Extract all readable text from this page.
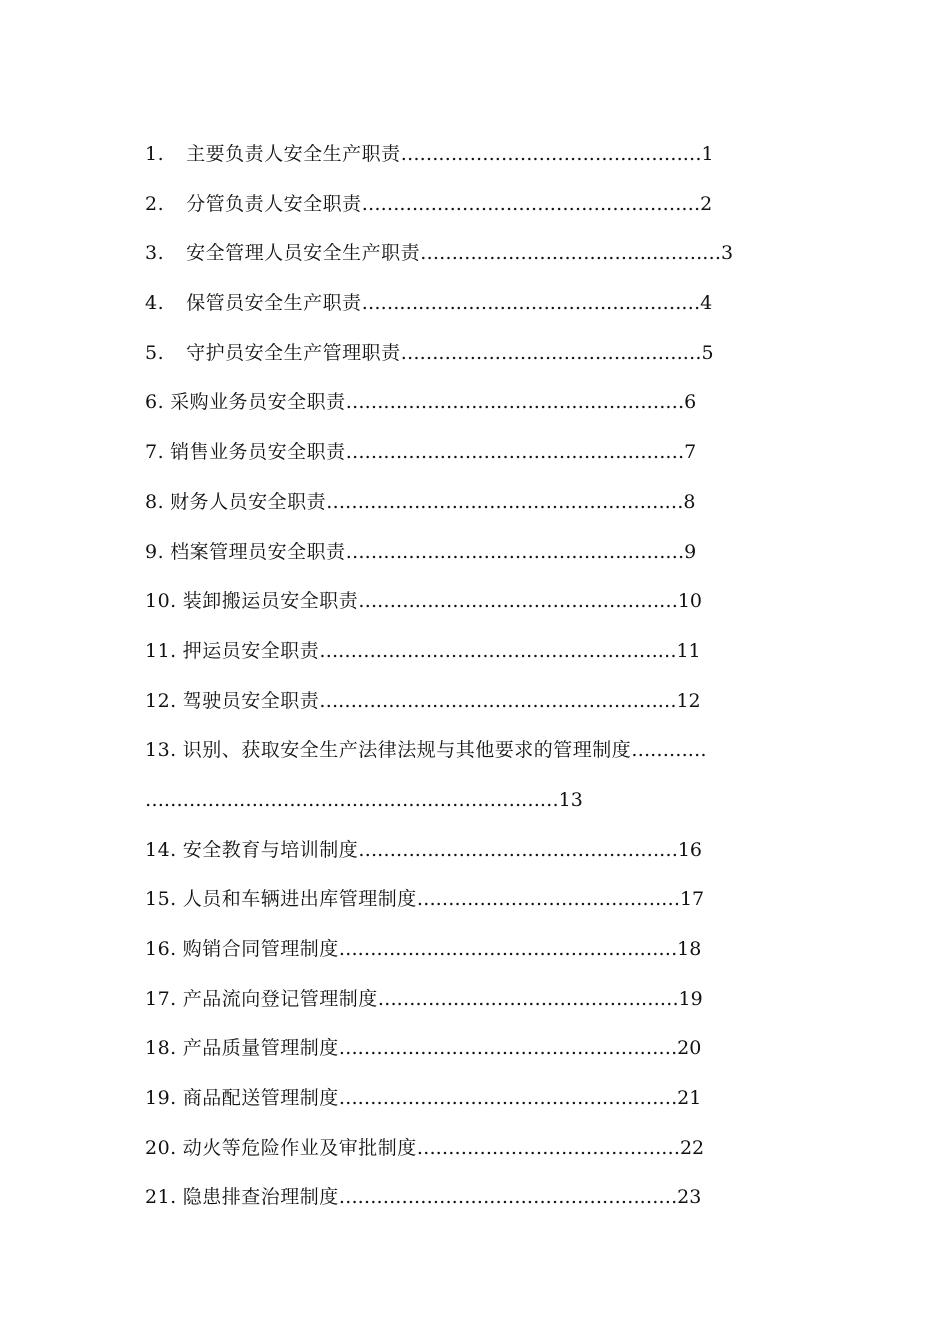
1. 主要负责人安全生产职责…………………………………………1
2. 分管负责人安全职责………………………………………………2
3. 安全管理人员安全生产职责…………………………………………3
4. 保管员安全生产职责………………………………………………4
5. 守护员安全生产管理职责…………………………………………5
6. 采购业务员安全职责………………………………………………6
7. 销售业务员安全职责………………………………………………7
8. 财务人员安全职责…………………………………………………8
9. 档案管理员安全职责………………………………………………9
10. 装卸搬运员安全职责……………………………………………10
11. 押运员安全职责…………………………………………………11
12. 驾驶员安全职责…………………………………………………12
13. 识别、获取安全生产法律法规与其他要求的管理制度…………
…………………………………………………………13
14. 安全教育与培训制度……………………………………………16
15. 人员和车辆进出库管理制度……………………………………17
16. 购销合同管理制度………………………………………………18
17. 产品流向登记管理制度…………………………………………19
18. 产品质量管理制度………………………………………………20
19. 商品配送管理制度………………………………………………21
20. 动火等危险作业及审批制度……………………………………22
21. 隐患排查治理制度………………………………………………23
